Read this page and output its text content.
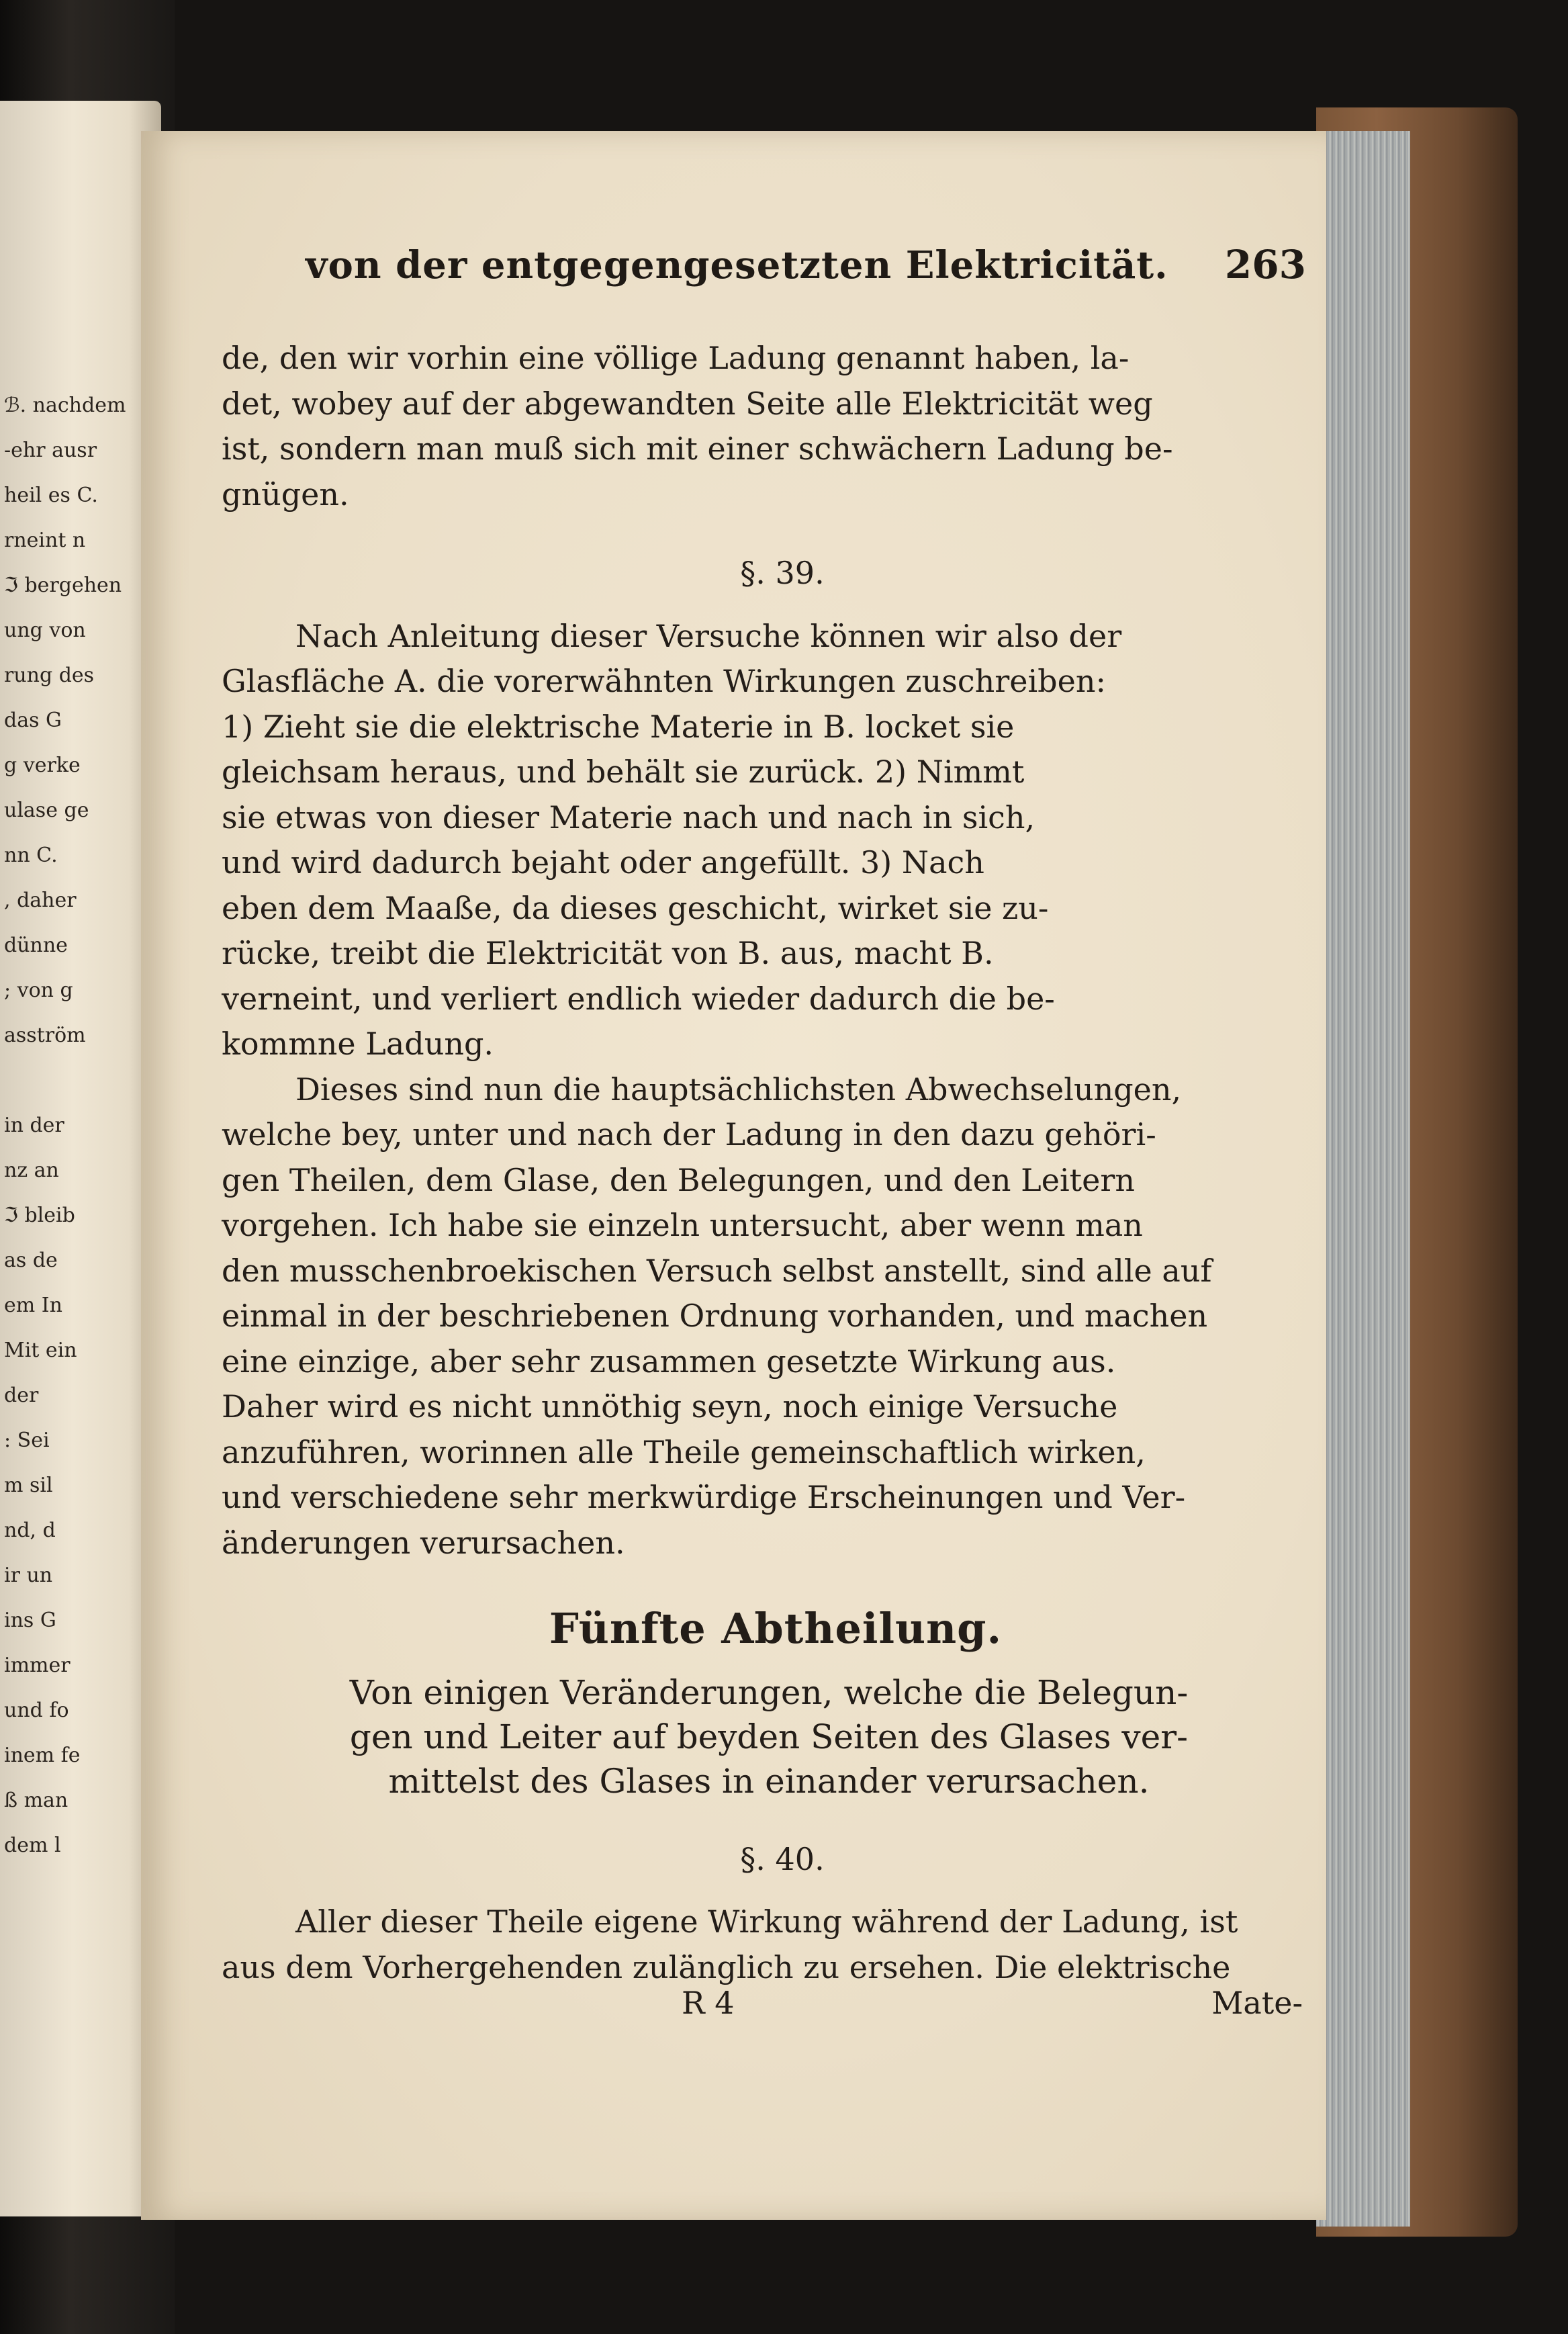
ℬ. nachdem
-ehr ausr
heil es C.
rneint n
ℑ bergehen
ung von
rung des
das G
g verke
ulase ge
nn C.
, daher
dünne
; von g
asström
in der
nz an
ℑ bleib
as de
em In
Mit ein
der
: Sei
m sil
nd, d
ir un
ins G
immer
und fo
inem fe
ß man
dem l
von der entgegengesetzten Elektricität. 263
de, den wir vorhin eine völlige Ladung genannt haben, la-
det, wobey auf der abgewandten Seite alle Elektricität weg
ist, sondern man muß sich mit einer schwächern Ladung be-
gnügen.
§. 39.
Nach Anleitung dieser Versuche können wir also der
Glasfläche A. die vorerwähnten Wirkungen zuschreiben:
1) Zieht sie die elektrische Materie in B. locket sie
gleichsam heraus, und behält sie zurück. 2) Nimmt
sie etwas von dieser Materie nach und nach in sich,
und wird dadurch bejaht oder angefüllt. 3) Nach
eben dem Maaße, da dieses geschicht, wirket sie zu-
rücke, treibt die Elektricität von B. aus, macht B.
verneint, und verliert endlich wieder dadurch die be-
kommne Ladung.
Dieses sind nun die hauptsächlichsten Abwechselungen,
welche bey, unter und nach der Ladung in den dazu gehöri-
gen Theilen, dem Glase, den Belegungen, und den Leitern
vorgehen. Ich habe sie einzeln untersucht, aber wenn man
den musschenbroekischen Versuch selbst anstellt, sind alle auf
einmal in der beschriebenen Ordnung vorhanden, und machen
eine einzige, aber sehr zusammen gesetzte Wirkung aus.
Daher wird es nicht unnöthig seyn, noch einige Versuche
anzuführen, worinnen alle Theile gemeinschaftlich wirken,
und verschiedene sehr merkwürdige Erscheinungen und Ver-
änderungen verursachen.
Fünfte Abtheilung.
Von einigen Veränderungen, welche die Belegun-
gen und Leiter auf beyden Seiten des Glases ver-
mittelst des Glases in einander verursachen.
§. 40.
Aller dieser Theile eigene Wirkung während der Ladung, ist
aus dem Vorhergehenden zulänglich zu ersehen. Die elektrische
R 4	Mate-
